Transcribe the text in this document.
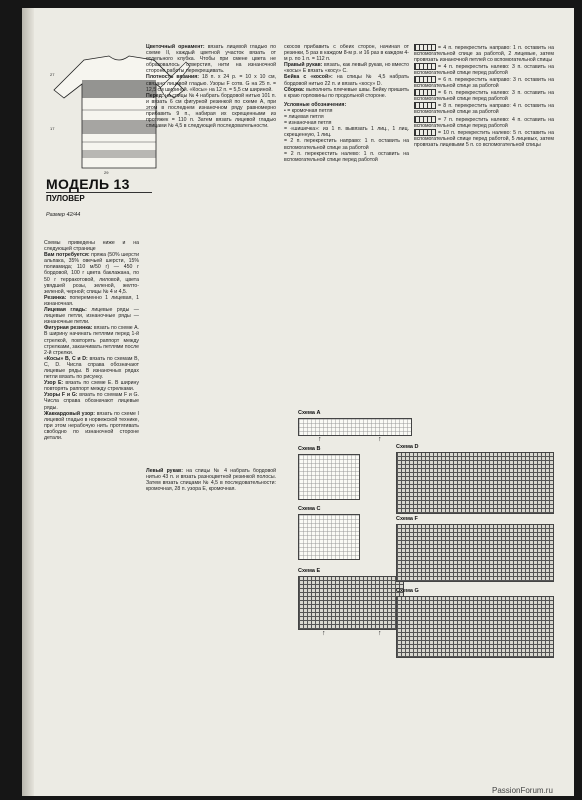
27
17
29
МОДЕЛЬ 13
ПУЛОВЕР
Размер 42/44

Схемы приведены ниже и на следующей странице

Вам потребуется: пряжа (50% шерсти альпака, 35% овечьей шерсти, 15% полиамида; 110 м/50 г) — 450 г бордовой, 100 г цвета баклажана, по 50 г терракотовой, лиловой, цвета увядшей розы, зеленой, желто-зеленой, черной; спицы № 4 и 4,5.

Резинка: попеременно 1 лицевая, 1 изнаночная.

Лицевая гладь: лицевые ряды — лицевые петли, изнаночные ряды — изнаночные петли.

Фигурная резинка: вязать по схеме А. В ширину начинать петлями перед 1-й стрелкой, повторять раппорт между стрелками, заканчивать петлями после 2-й стрелки.

«Косы» В, С и D: вязать по схемам В, С, D. Числа справа обозначают лицевые ряды. В изнаночных рядах петли вязать по рисунку.

Узор Е: вязать по схеме Е. В ширину повторять раппорт между стрелками.

Узоры F и G: вязать по схемам F и G. Числа справа обозначают лицевые ряды.

Жаккардовый узор: вязать по схеме I лицевой гладью в норвежской технике, при этом нерабочую нить протягивать свободно по изнаночной стороне детали.

Цветочный орнамент: вязать лицевой гладью по схеме II, каждый цветной участок вязать от отдельного клубка. Чтобы при смене цвета не образовалось отверстия, нити на изнаночной стороне работы перекрещивать.

Плотность вязания: 18 п. х 24 р. = 10 х 10 см, связано лицевой гладью. Узоры F сотв. G на 25 п. = 12,5 см шириной. «Косы» на 12 п. = 5,5 см шириной.

Перед: на спицы № 4 набрать бордовой нитью 101 п. и вязать 6 см фигурной резинкой по схеме А, при этом в последнем изнаночном ряду равномерно прибавить 9 п., набирая их скрещенными из протяжек = 110 п. Затем вязать лицевой гладью спицами № 4,5 в следующей последовательности.

скосов прибавить с обеих сторон, начиная от резинки, 5 раз в каждом 8-м р. и 16 раз в каждом 4-м р. по 1 п. = 112 п.

Правый рукав: вязать, как левый рукав, но вместо «косы» Е вязать «косу» С.

Бейка с «косой»: на спицы № 4,5 набрать бордовой нитью 22 п. и вязать «косу» D.

Сборка: выполнить плечевые швы. Бейку пришить к краю горловины по продольной стороне.

Условные обозначения:

• = кромочная петля

= лицевая петля

= изнаночная петля

= «шишечка»: из 1 п. вывязать 1 лиц., 1 лиц. скрещенную, 1 лиц.

= 2 п. перекрестить направо: 1 п. оставить на вспомогательной спице за работой

= 2 п. перекрестить налево: 1 п. оставить на вспомогательной спице перед работой

= 4 п. перекрестить направо: 1 п. оставить на вспомогательной спице за работой, 2 лицевые, затем провязать изнаночной петлей со вспомогательной спицы

= 4 п. перекрестить налево: 3 п. оставить на вспомогательной спице перед работой

= 6 п. перекрестить направо: 3 п. оставить на вспомогательной спице за работой

= 6 п. перекрестить налево: 3 п. оставить на вспомогательной спице перед работой

= 8 п. перекрестить направо: 4 п. оставить на вспомогательной спице за работой

= 7 п. перекрестить налево: 4 п. оставить на вспомогательной спице перед работой

= 10 п. перекрестить налево: 5 п. оставить на вспомогательной спице перед работой, 5 лицевых, затем провязать лицевыми 5 п. со вспомогательной спицы

Левый рукав: на спицы № 4 набрать бордовой нитью 43 п. и вязать разноцветной резинкой полосы. Затем вязать спицами № 4,5 в последовательности: кромочная, 28 п. узора Е, кромочная.

Схема А
↑	↑
Схема В
Схема С
Схема Е
↑	↑
Схема D
Схема F
Схема G
PassionForum.ru
